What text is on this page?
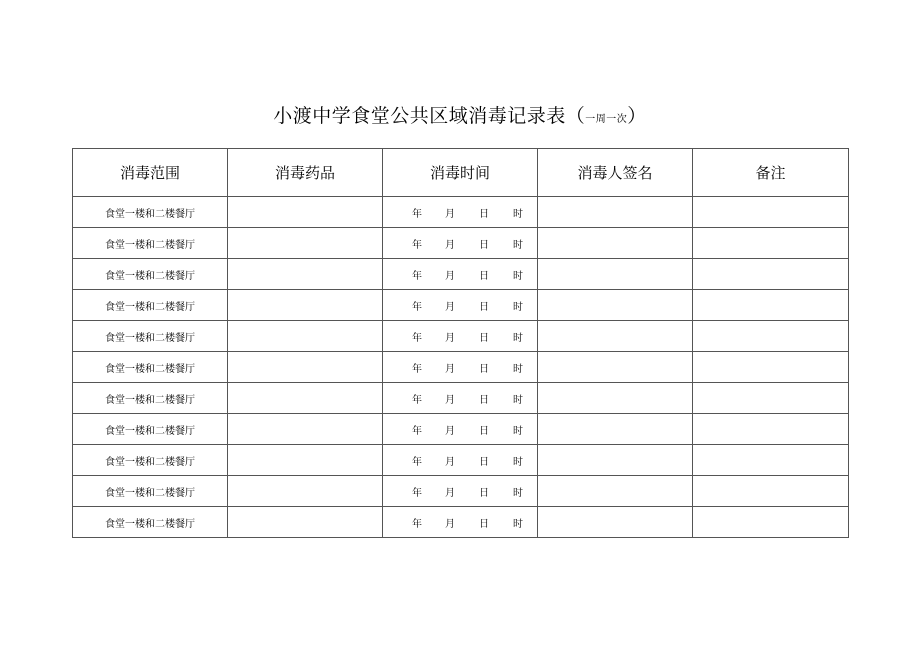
小渡中学食堂公共区域消毒记录表（一周一次）
消毒范围	消毒药品	消毒时间	消毒人签名	备注
食堂一楼和二楼餐厅		年 月 日 时		
食堂一楼和二楼餐厅		年 月 日 时		
食堂一楼和二楼餐厅		年 月 日 时		
食堂一楼和二楼餐厅		年 月 日 时		
食堂一楼和二楼餐厅		年 月 日 时		
食堂一楼和二楼餐厅		年 月 日 时		
食堂一楼和二楼餐厅		年 月 日 时		
食堂一楼和二楼餐厅		年 月 日 时		
食堂一楼和二楼餐厅		年 月 日 时		
食堂一楼和二楼餐厅		年 月 日 时		
食堂一楼和二楼餐厅		年 月 日 时		
